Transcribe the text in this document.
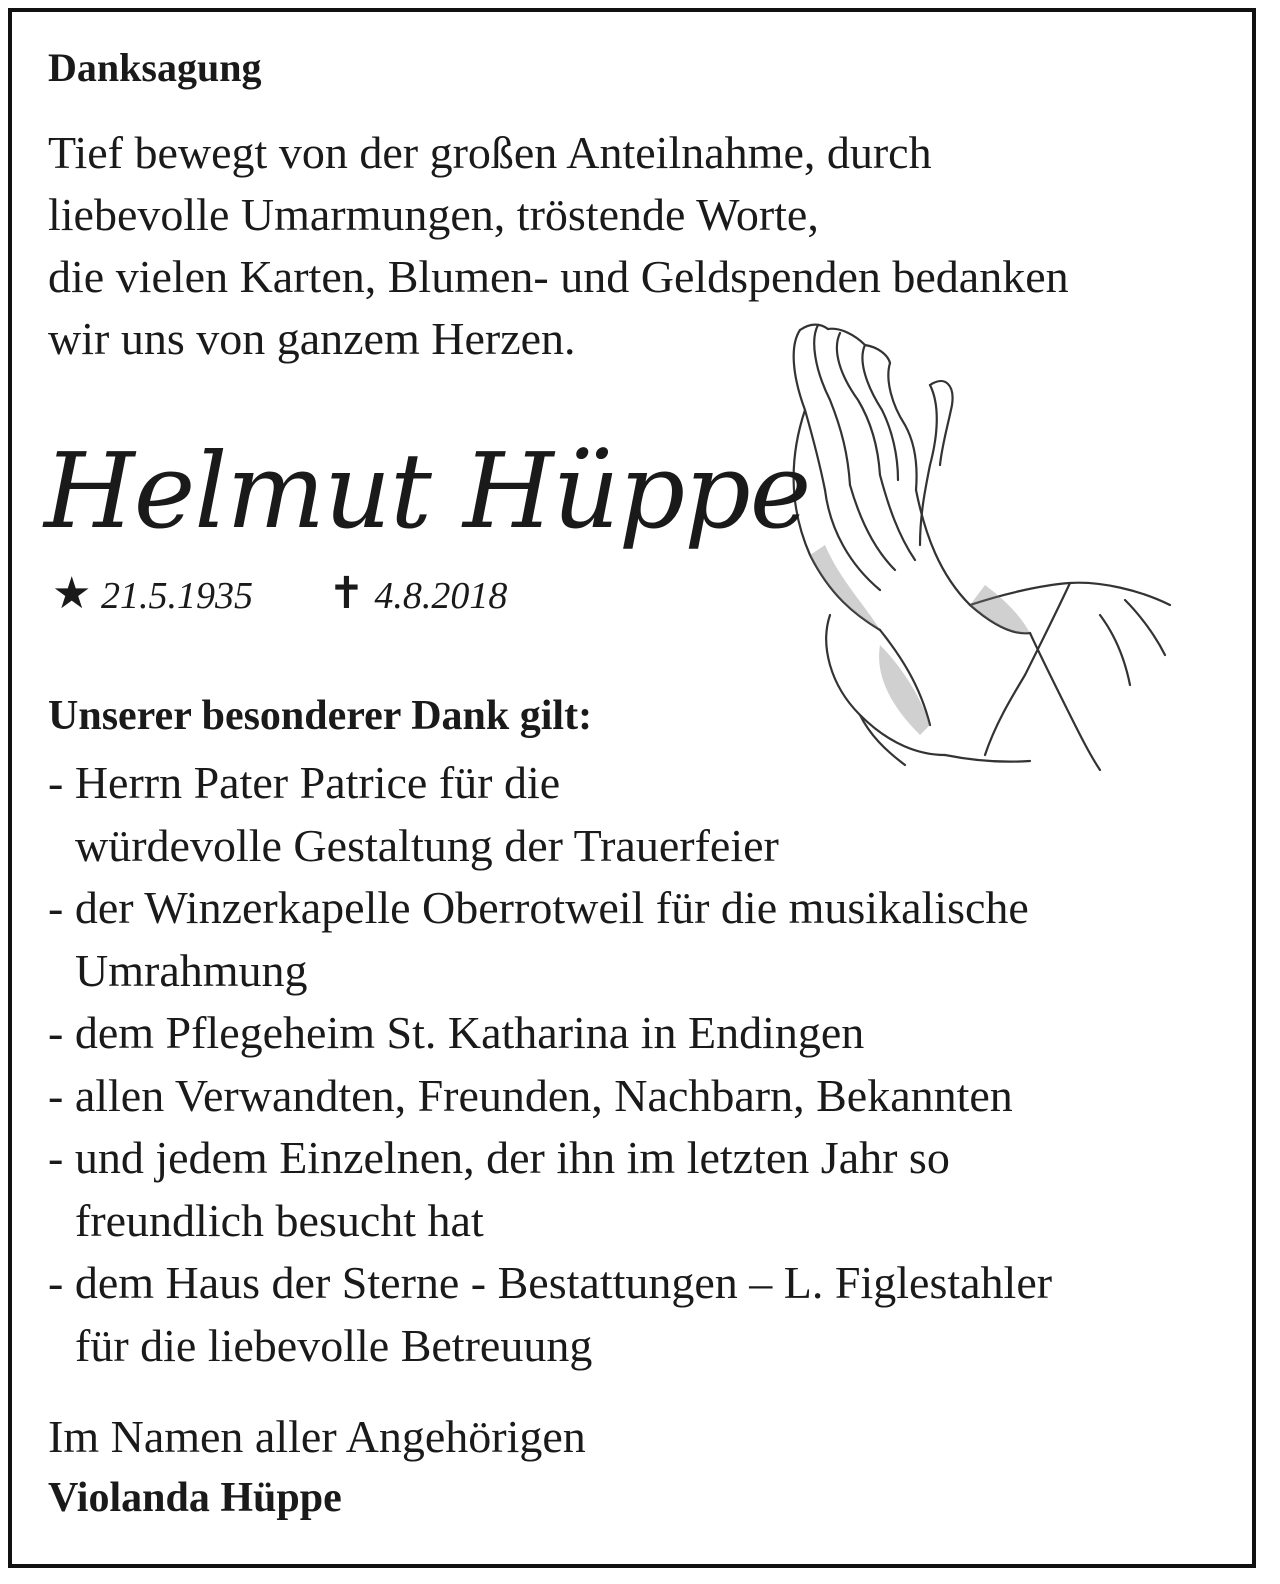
Danksagung
Tief bewegt von der großen Anteilnahme, durch
liebevolle Umarmungen, tröstende Worte,
die vielen Karten, Blumen- und Geldspenden bedanken
wir uns von ganzem Herzen.
Helmut Hüppe
★ 21.5.1935 ✝ 4.8.2018
Unserer besonderer Dank gilt:
- Herrn Pater Patrice für die
würdevolle Gestaltung der Trauerfeier
- der Winzerkapelle Oberrotweil für die musikalische
Umrahmung
- dem Pflegeheim St. Katharina in Endingen
- allen Verwandten, Freunden, Nachbarn, Bekannten
- und jedem Einzelnen, der ihn im letzten Jahr so
freundlich besucht hat
- dem Haus der Sterne - Bestattungen – L. Figlestahler
für die liebevolle Betreuung
Im Namen aller Angehörigen
Violanda Hüppe
